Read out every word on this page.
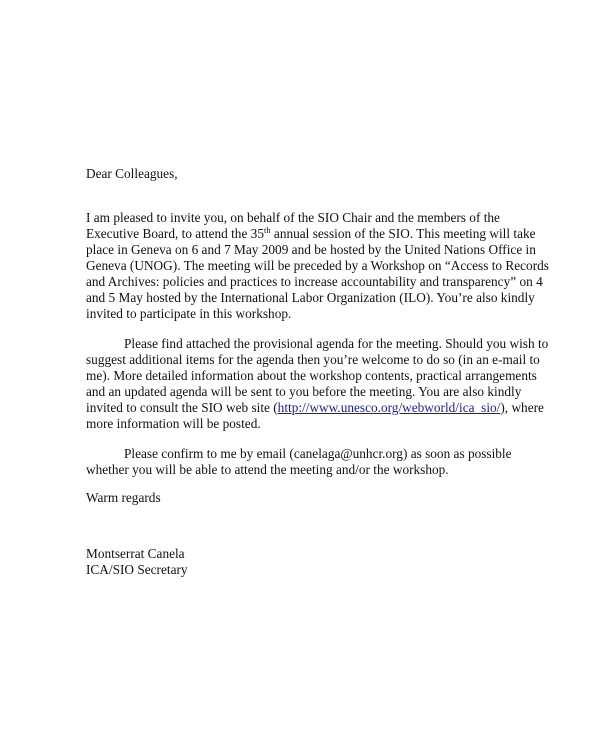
Dear Colleagues,
I am pleased to invite you, on behalf of the SIO Chair and the members of the
Executive Board, to attend the 35th annual session of the SIO. This meeting will take
place in Geneva on 6 and 7 May 2009 and be hosted by the United Nations Office in
Geneva (UNOG). The meeting will be preceded by a Workshop on “Access to Records
and Archives: policies and practices to increase accountability and transparency” on 4
and 5 May hosted by the International Labor Organization (ILO). You’re also kindly
invited to participate in this workshop.
Please find attached the provisional agenda for the meeting. Should you wish to
suggest additional items for the agenda then you’re welcome to do so (in an e-mail to
me). More detailed information about the workshop contents, practical arrangements
and an updated agenda will be sent to you before the meeting. You are also kindly
invited to consult the SIO web site (http://www.unesco.org/webworld/ica_sio/), where
more information will be posted.
Please confirm to me by email (canelaga@unhcr.org) as soon as possible
whether you will be able to attend the meeting and/or the workshop.
Warm regards
Montserrat Canela
ICA/SIO Secretary
